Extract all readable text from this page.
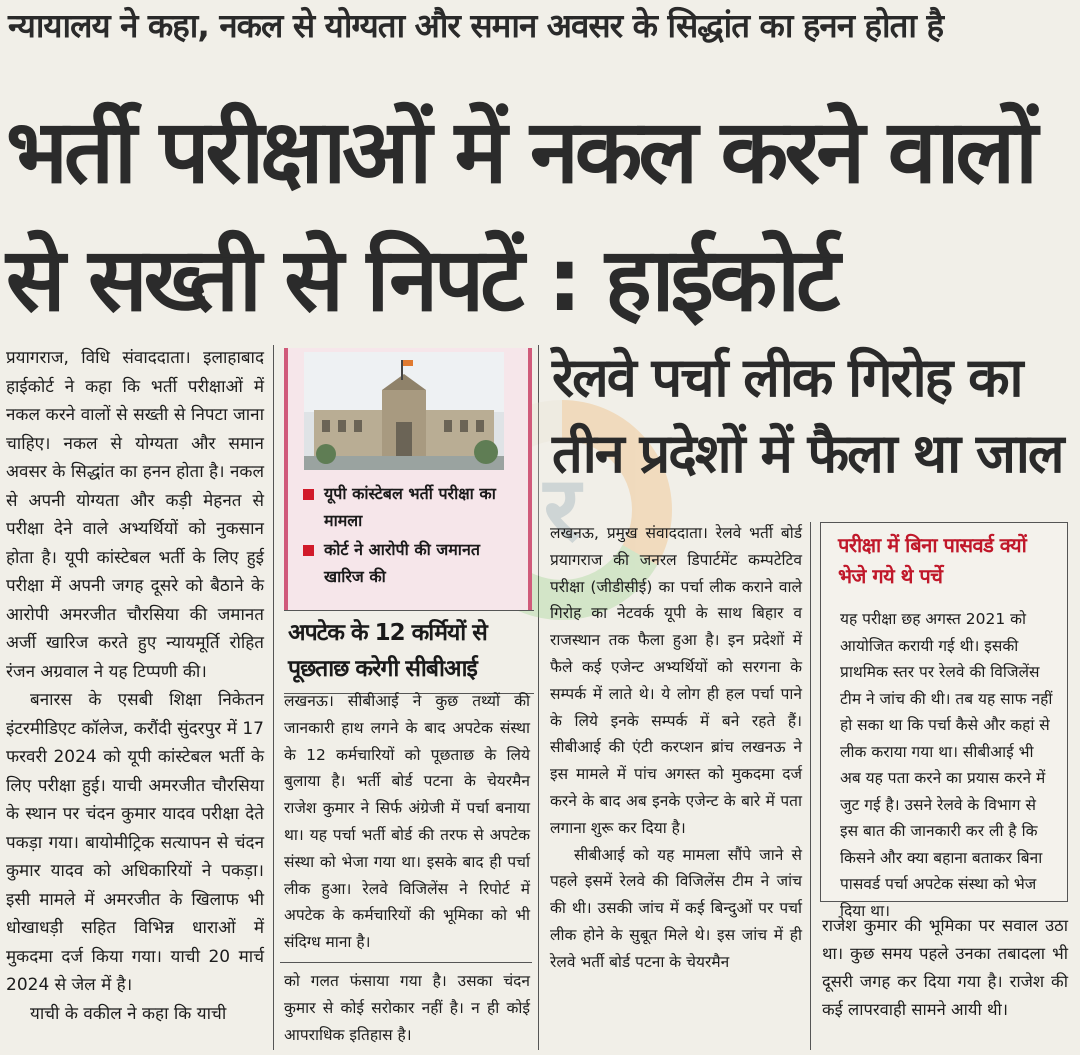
न्यायालय ने कहा, नकल से योग्यता और समान अवसर के सिद्धांत का हनन होता है
भर्ती परीक्षाओं में नकल करने वालों
से सख्ती से निपटें : हाईकोर्ट
र

प्रयागराज, विधि संवाददाता। इलाहाबाद हाईकोर्ट ने कहा कि भर्ती परीक्षाओं में नकल करने वालों से सख्ती से निपटा जाना चाहिए। नकल से योग्यता और समान अवसर के सिद्धांत का हनन होता है। नकल से अपनी योग्यता और कड़ी मेहनत से परीक्षा देने वाले अभ्यर्थियों को नुकसान होता है। यूपी कांस्टेबल भर्ती के लिए हुई परीक्षा में अपनी जगह दूसरे को बैठाने के आरोपी अमरजीत चौरसिया की जमानत अर्जी खारिज करते हुए न्यायमूर्ति रोहित रंजन अग्रवाल ने यह टिप्पणी की।

बनारस के एसबी शिक्षा निकेतन इंटरमीडिएट कॉलेज, करौंदी सुंदरपुर में 17 फरवरी 2024 को यूपी कांस्टेबल भर्ती के लिए परीक्षा हुई। याची अमरजीत चौरसिया के स्थान पर चंदन कुमार यादव परीक्षा देते पकड़ा गया। बायोमीट्रिक सत्यापन से चंदन कुमार यादव को अधिकारियों ने पकड़ा। इसी मामले में अमरजीत के खिलाफ भी धोखाधड़ी सहित विभिन्न धाराओं में मुकदमा दर्ज किया गया। याची 20 मार्च 2024 से जेल में है।

याची के वकील ने कहा कि याची

यूपी कांस्टेबल भर्ती परीक्षा का मामला
कोर्ट ने आरोपी की जमानत खारिज की
अपटेक के 12 कर्मियों से पूछताछ करेगी सीबीआई

लखनऊ। सीबीआई ने कुछ तथ्यों की जानकारी हाथ लगने के बाद अपटेक संस्था के 12 कर्मचारियों को पूछताछ के लिये बुलाया है। भर्ती बोर्ड पटना के चेयरमैन राजेश कुमार ने सिर्फ अंग्रेजी में पर्चा बनाया था। यह पर्चा भर्ती बोर्ड की तरफ से अपटेक संस्था को भेजा गया था। इसके बाद ही पर्चा लीक हुआ। रेलवे विजिलेंस ने रिपोर्ट में अपटेक के कर्मचारियों की भूमिका को भी संदिग्ध माना है।

को गलत फंसाया गया है। उसका चंदन कुमार से कोई सरोकार नहीं है। न ही कोई आपराधिक इतिहास है।

रेलवे पर्चा लीक गिरोह का
तीन प्रदेशों में फैला था जाल

लखनऊ, प्रमुख संवाददाता। रेलवे भर्ती बोर्ड प्रयागराज की जनरल डिपार्टमेंट कम्पटेटिव परीक्षा (जीडीसीई) का पर्चा लीक कराने वाले गिरोह का नेटवर्क यूपी के साथ बिहार व राजस्थान तक फैला हुआ है। इन प्रदेशों में फैले कई एजेन्ट अभ्यर्थियों को सरगना के सम्पर्क में लाते थे। ये लोग ही हल पर्चा पाने के लिये इनके सम्पर्क में बने रहते हैं। सीबीआई की एंटी करप्शन ब्रांच लखनऊ ने इस मामले में पांच अगस्त को मुकदमा दर्ज करने के बाद अब इनके एजेन्ट के बारे में पता लगाना शुरू कर दिया है।

सीबीआई को यह मामला सौंपे जाने से पहले इसमें रेलवे की विजिलेंस टीम ने जांच की थी। उसकी जांच में कई बिन्दुओं पर पर्चा लीक होने के सुबूत मिले थे। इस जांच में ही रेलवे भर्ती बोर्ड पटना के चेयरमैन

परीक्षा में बिना पासवर्ड क्यों भेजे गये थे पर्चे

यह परीक्षा छह अगस्त 2021 को आयोजित करायी गई थी। इसकी प्राथमिक स्तर पर रेलवे की विजिलेंस टीम ने जांच की थी। तब यह साफ नहीं हो सका था कि पर्चा कैसे और कहां से लीक कराया गया था। सीबीआई भी अब यह पता करने का प्रयास करने में जुट गई है। उसने रेलवे के विभाग से इस बात की जानकारी कर ली है कि किसने और क्या बहाना बताकर बिना पासवर्ड पर्चा अपटेक संस्था को भेज दिया था।

राजेश कुमार की भूमिका पर सवाल उठा था। कुछ समय पहले उनका तबादला भी दूसरी जगह कर दिया गया है। राजेश की कई लापरवाही सामने आयी थी।
